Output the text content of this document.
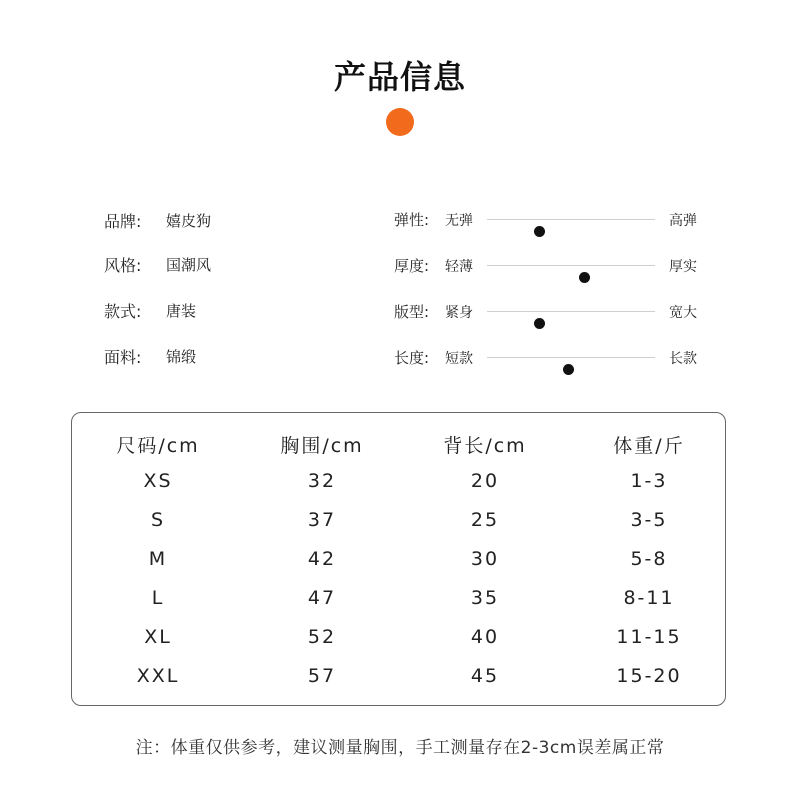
产品信息
品牌:	嬉皮狗
风格:	国潮风
款式:	唐装
面料:	锦缎
弹性: 无弹	高弹
厚度: 轻薄	厚实
版型: 紧身	宽大
长度: 短款	长款
尺码/cm	胸围/cm	背长/cm	体重/斤
XS	32	20	1-3
S	37	25	3-5
M	42	30	5-8
L	47	35	8-11
XL	52	40	11-15
XXL	57	45	15-20
注：体重仅供参考，建议测量胸围，手工测量存在2-3cm误差属正常
